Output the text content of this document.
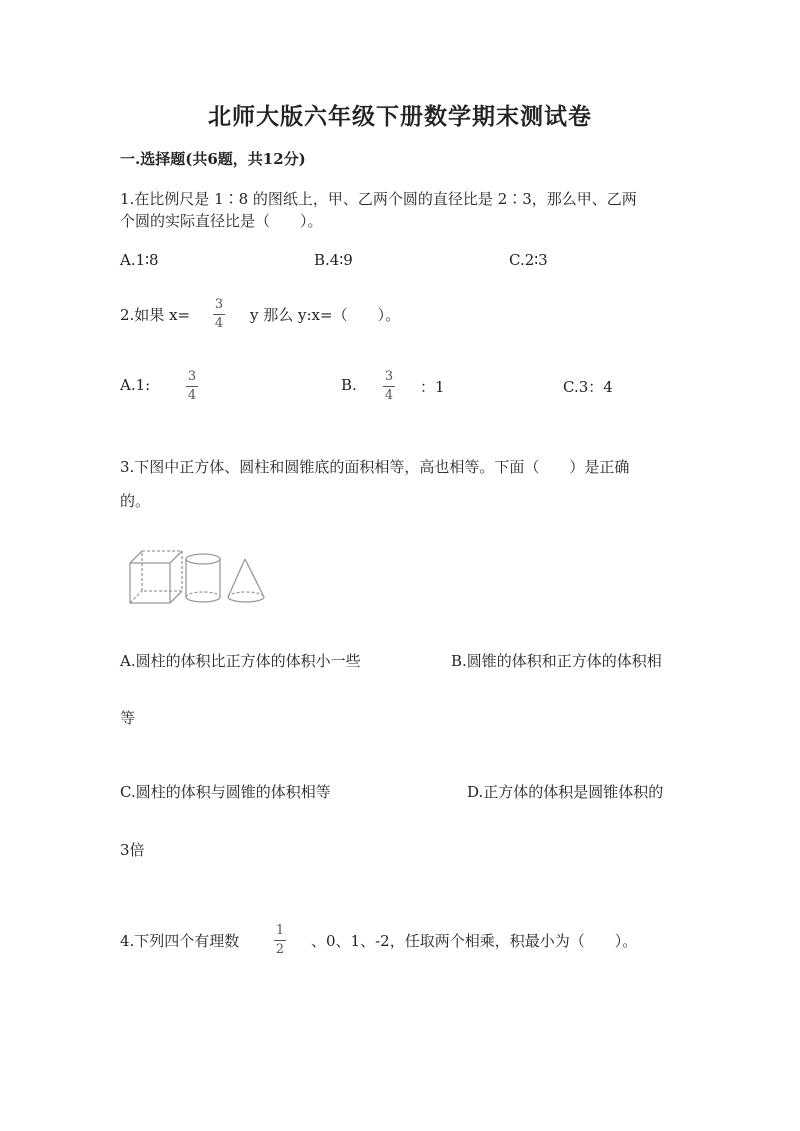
北师大版六年级下册数学期末测试卷
一.选择题(共6题，共12分)
1.在比例尺是 1∶8 的图纸上，甲、乙两个圆的直径比是 2∶3，那么甲、乙两
个圆的实际直径比是（　　）。
A.1∶8	B.4∶9	C.2∶3
2.如果 x=
3
4 y 那么 y:x=（　　）。
A.1:	3
4
B. 3
4 ：1	C.3：4
3.下图中正方体、圆柱和圆锥底的面积相等，高也相等。下面（　　）是正确
的。
A.圆柱的体积比正方体的体积小一些	B.圆锥的体积和正方体的体积相
等
C.圆柱的体积与圆锥的体积相等	D.正方体的体积是圆锥体积的
3倍
4.下列四个有理数
1
2 、0、1、-2，任取两个相乘，积最小为（　　）。
